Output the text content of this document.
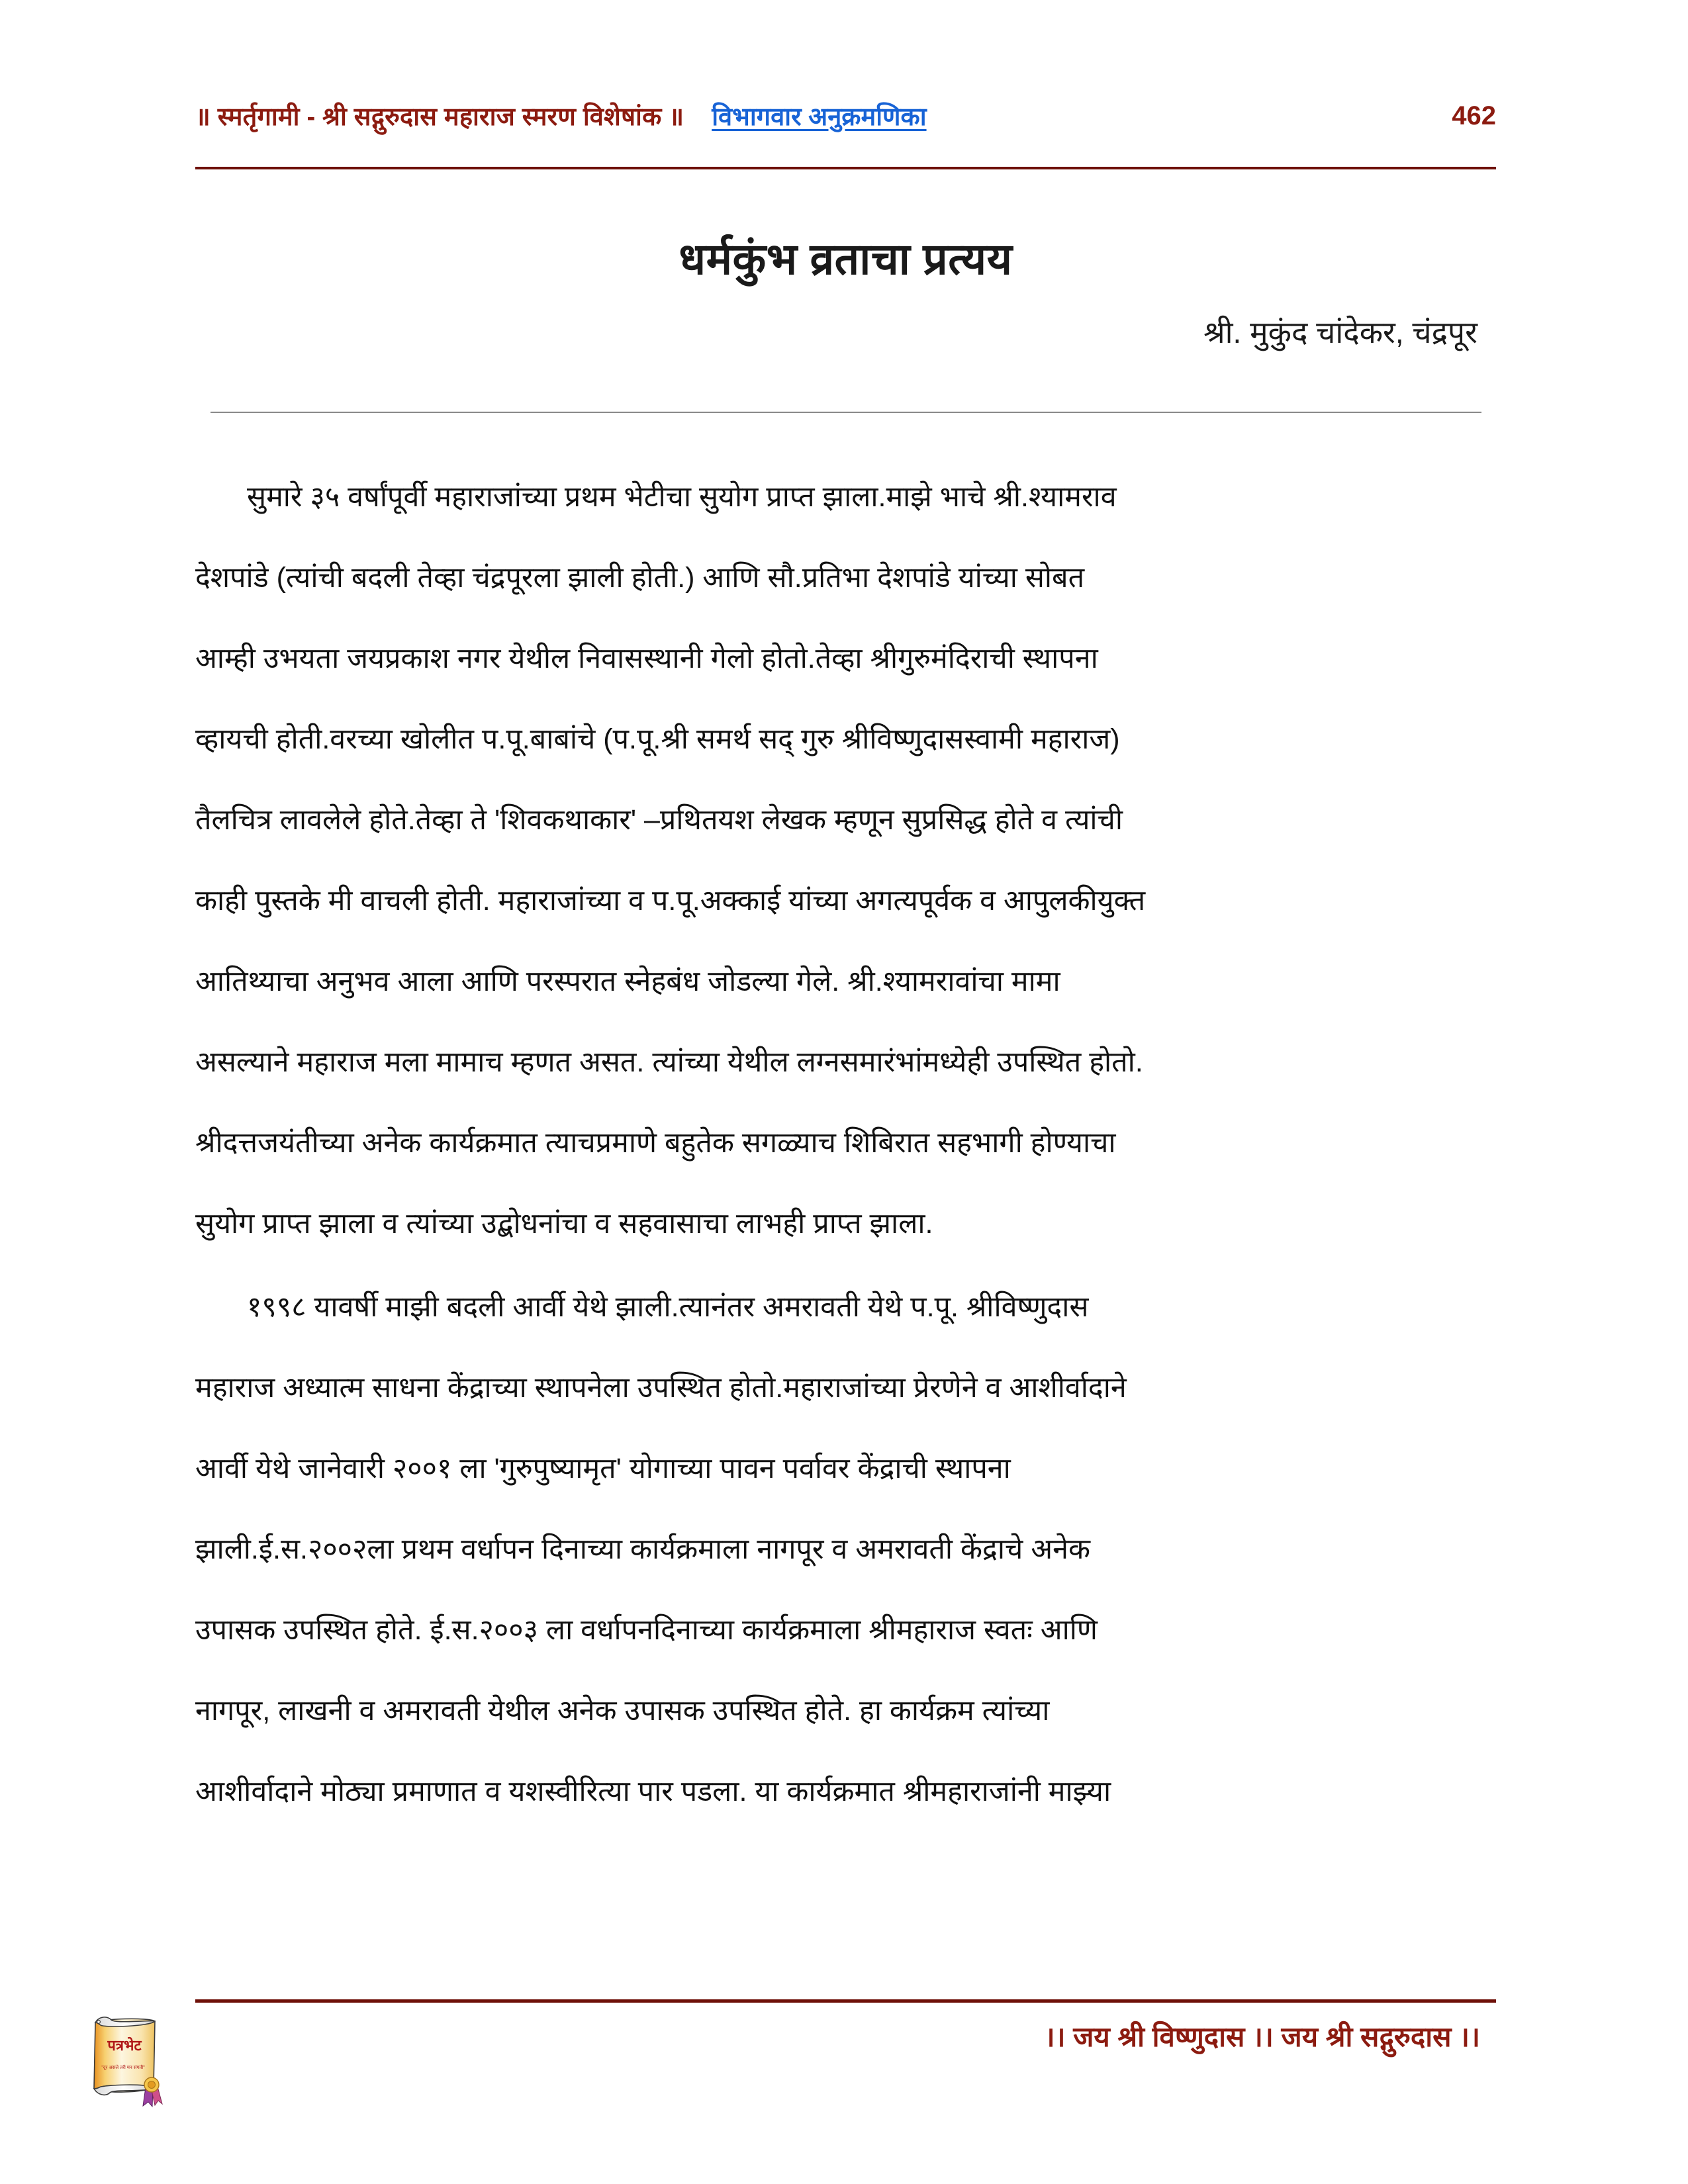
॥ स्मर्तृगामी - श्री सद्गुरुदास महाराज स्मरण विशेषांक ॥ विभागवार अनुक्रमणिका	462
धर्मकुंभ व्रताचा प्रत्यय
श्री. मुकुंद चांदेकर, चंद्रपूर

सुमारे ३५ वर्षांपूर्वी महाराजांच्या प्रथम भेटीचा सुयोग प्राप्त झाला.माझे भाचे श्री.श्यामराव

देशपांडे (त्यांची बदली तेव्हा चंद्रपूरला झाली होती.) आणि सौ.प्रतिभा देशपांडे यांच्या सोबत

आम्ही उभयता जयप्रकाश नगर येथील निवासस्थानी गेलो होतो.तेव्हा श्रीगुरुमंदिराची स्थापना

व्हायची होती.वरच्या खोलीत प.पू.बाबांचे (प.पू.श्री समर्थ सद् गुरु श्रीविष्णुदासस्वामी महाराज)

तैलचित्र लावलेले होते.तेव्हा ते 'शिवकथाकार' –प्रथितयश लेखक म्हणून सुप्रसिद्ध होते व त्यांची

काही पुस्तके मी वाचली होती. महाराजांच्या व प.पू.अक्काई यांच्या अगत्यपूर्वक व आपुलकीयुक्त

आतिथ्याचा अनुभव आला आणि परस्परात स्नेहबंध जोडल्या गेले. श्री.श्यामरावांचा मामा

असल्याने महाराज मला मामाच म्हणत असत. त्यांच्या येथील लग्नसमारंभांमध्येही उपस्थित होतो.

श्रीदत्तजयंतीच्या अनेक कार्यक्रमात त्याचप्रमाणे बहुतेक सगळ्याच शिबिरात सहभागी होण्याचा

सुयोग प्राप्त झाला व त्यांच्या उद्बोधनांचा व सहवासाचा लाभही प्राप्त झाला.

१९९८ यावर्षी माझी बदली आर्वी येथे झाली.त्यानंतर अमरावती येथे प.पू. श्रीविष्णुदास

महाराज अध्यात्म साधना केंद्राच्या स्थापनेला उपस्थित होतो.महाराजांच्या प्रेरणेने व आशीर्वादाने

आर्वी येथे जानेवारी २००१ ला 'गुरुपुष्यामृत' योगाच्या पावन पर्वावर केंद्राची स्थापना

झाली.ई.स.२००२ला प्रथम वर्धापन दिनाच्या कार्यक्रमाला नागपूर व अमरावती केंद्राचे अनेक

उपासक उपस्थित होते. ई.स.२००३ ला वर्धापनदिनाच्या कार्यक्रमाला श्रीमहाराज स्वतः आणि

नागपूर, लाखनी व अमरावती येथील अनेक उपासक उपस्थित होते. हा कार्यक्रम त्यांच्या

आशीर्वादाने मोठ्या प्रमाणात व यशस्वीरित्या पार पडला. या कार्यक्रमात श्रीमहाराजांनी माझ्या

।। जय श्री विष्णुदास ।। जय श्री सद्गुरुदास ।।
पत्रभेट
"दूर असले तरी मन संगती"
